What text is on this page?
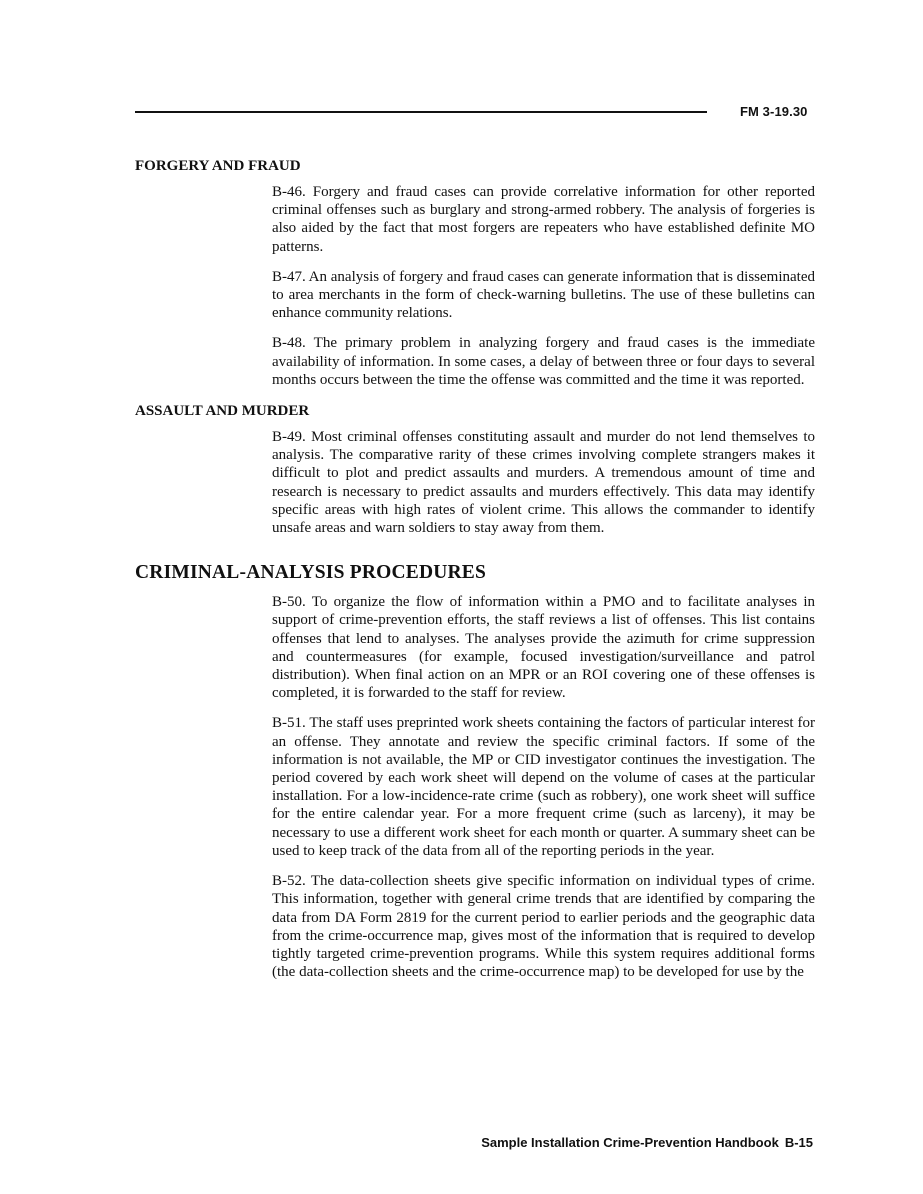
FM 3-19.30
FORGERY AND FRAUD

B-46. Forgery and fraud cases can provide correlative information for other reported criminal offenses such as burglary and strong-armed robbery. The analysis of forgeries is also aided by the fact that most forgers are repeaters who have established definite MO patterns.

B-47. An analysis of forgery and fraud cases can generate information that is disseminated to area merchants in the form of check-warning bulletins. The use of these bulletins can enhance community relations.

B-48. The primary problem in analyzing forgery and fraud cases is the immediate availability of information. In some cases, a delay of between three or four days to several months occurs between the time the offense was committed and the time it was reported.

ASSAULT AND MURDER

B-49. Most criminal offenses constituting assault and murder do not lend themselves to analysis. The comparative rarity of these crimes involving complete strangers makes it difficult to plot and predict assaults and murders. A tremendous amount of time and research is necessary to predict assaults and murders effectively. This data may identify specific areas with high rates of violent crime. This allows the commander to identify unsafe areas and warn soldiers to stay away from them.

CRIMINAL-ANALYSIS PROCEDURES

B-50. To organize the flow of information within a PMO and to facilitate analyses in support of crime-prevention efforts, the staff reviews a list of offenses. This list contains offenses that lend to analyses. The analyses provide the azimuth for crime suppression and countermeasures (for example, focused investigation/surveillance and patrol distribution). When final action on an MPR or an ROI covering one of these offenses is completed, it is forwarded to the staff for review.

B-51. The staff uses preprinted work sheets containing the factors of particular interest for an offense. They annotate and review the specific criminal factors. If some of the information is not available, the MP or CID investigator continues the investigation. The period covered by each work sheet will depend on the volume of cases at the particular installation. For a low-incidence-rate crime (such as robbery), one work sheet will suffice for the entire calendar year. For a more frequent crime (such as larceny), it may be necessary to use a different work sheet for each month or quarter. A summary sheet can be used to keep track of the data from all of the reporting periods in the year.

B-52. The data-collection sheets give specific information on individual types of crime. This information, together with general crime trends that are identified by comparing the data from DA Form 2819 for the current period to earlier periods and the geographic data from the crime-occurrence map, gives most of the information that is required to develop tightly targeted crime-prevention programs. While this system requires additional forms (the data-collection sheets and the crime-occurrence map) to be developed for use by the

Sample Installation Crime-Prevention Handbook B-15
